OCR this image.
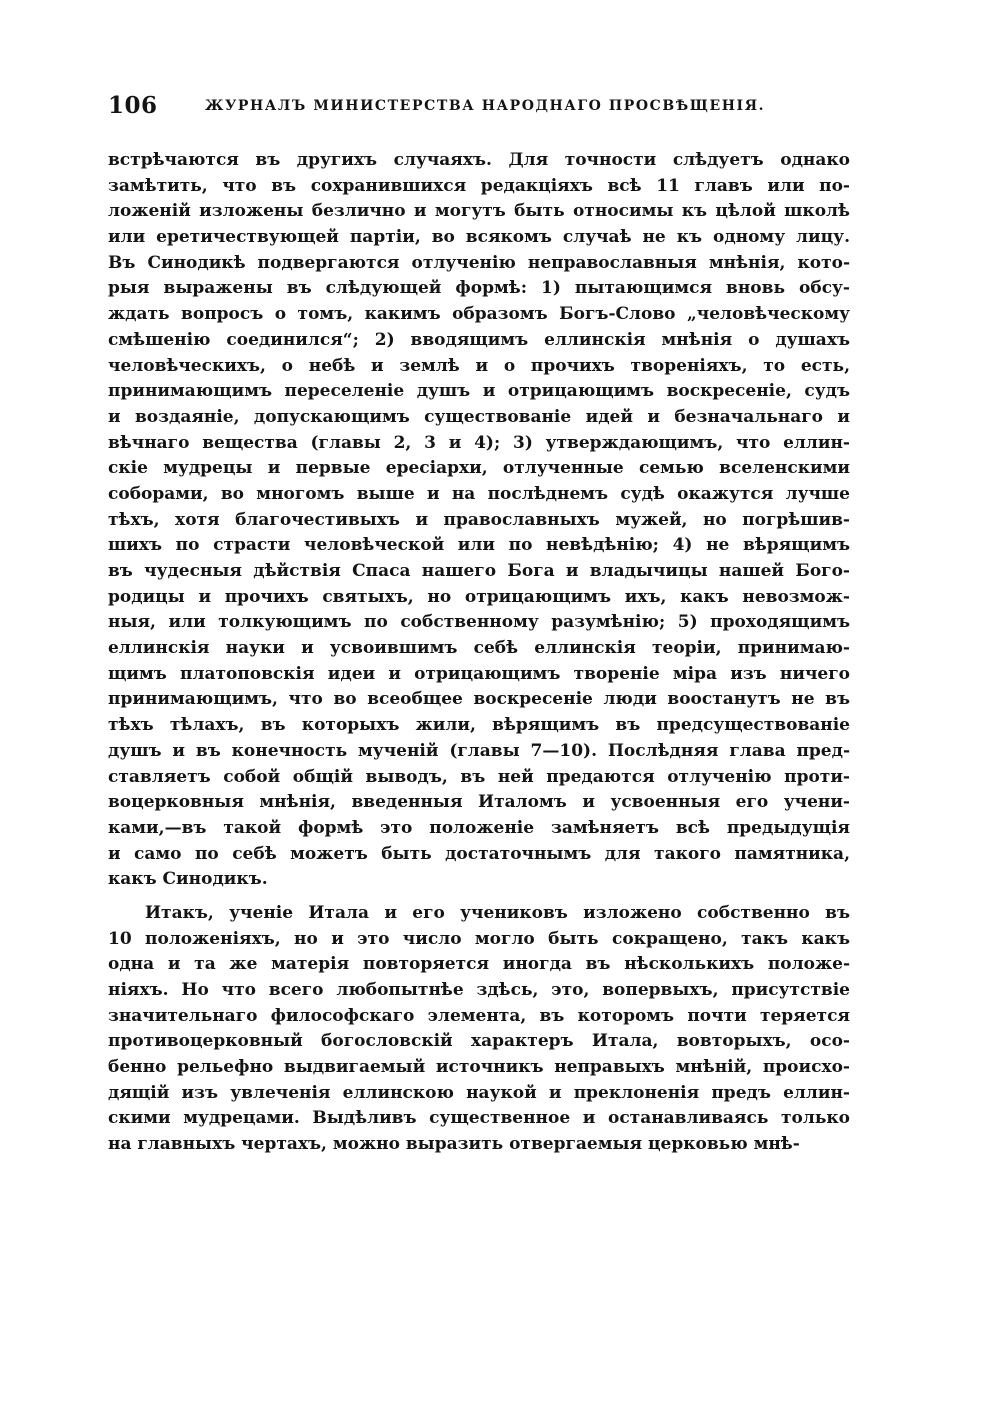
106	ЖУРНАЛЪ МИНИСТЕРСТВА НАРОДНАГО ПРОСВѢЩЕНІЯ.
встрѣчаются въ другихъ случаяхъ. Для точности слѣдуетъ однако
замѣтить, что въ сохранившихся редакціяхъ всѣ 11 главъ или по-
ложеній изложены безлично и могутъ быть относимы къ цѣлой школѣ
или еретичествующей партіи, во всякомъ случаѣ не къ одному лицу.
Въ Синодикѣ подвергаются отлученію неправославныя мнѣнія, кото-
рыя выражены въ слѣдующей формѣ: 1) пытающимся вновь обсу-
ждать вопросъ о томъ, какимъ образомъ Богъ-Слово „человѣческому
смѣшенію соединился“; 2) вводящимъ еллинскія мнѣнія о душахъ
человѣческихъ, о небѣ и землѣ и о прочихъ твореніяхъ, то есть,
принимающимъ переселеніе душъ и отрицающимъ воскресеніе, судъ
и воздаяніе, допускающимъ существованіе идей и безначальнаго и
вѣчнаго вещества (главы 2, 3 и 4); 3) утверждающимъ, что еллин-
скіе мудрецы и первые ересіархи, отлученные семью вселенскими
соборами, во многомъ выше и на послѣднемъ судѣ окажутся лучше
тѣхъ, хотя благочестивыхъ и православныхъ мужей, но погрѣшив-
шихъ по страсти человѣческой или по невѣдѣнію; 4) не вѣрящимъ
въ чудесныя дѣйствія Спаса нашего Бога и владычицы нашей Бого-
родицы и прочихъ святыхъ, но отрицающимъ ихъ, какъ невозмож-
ныя, или толкующимъ по собственному разумѣнію; 5) проходящимъ
еллинскія науки и усвоившимъ себѣ еллинскія теоріи, принимаю-
щимъ платоповскія идеи и отрицающимъ твореніе міра изъ ничего
принимающимъ, что во всеобщее воскресеніе люди воостанутъ не въ
тѣхъ тѣлахъ, въ которыхъ жили, вѣрящимъ въ предсуществованіе
душъ и въ конечность мученій (главы 7—10). Послѣдняя глава пред-
ставляетъ собой общій выводъ, въ ней предаются отлученію проти-
воцерковныя мнѣнія, введенныя Италомъ и усвоенныя его учени-
ками,—въ такой формѣ это положеніе замѣняетъ всѣ предыдущія
и само по себѣ можетъ быть достаточнымъ для такого памятника,
какъ Синодикъ.
Итакъ, ученіе Итала и его учениковъ изложено собственно въ
10 положеніяхъ, но и это число могло быть сокращено, такъ какъ
одна и та же матерія повторяется иногда въ нѣсколькихъ положе-
ніяхъ. Но что всего любопытнѣе здѣсь, это, вопервыхъ, присутствіе
значительнаго философскаго элемента, въ которомъ почти теряется
противоцерковный богословскій характеръ Итала, вовторыхъ, осо-
бенно рельефно выдвигаемый источникъ неправыхъ мнѣній, происхо-
дящій изъ увлеченія еллинскою наукой и преклоненія предъ еллин-
скими мудрецами. Выдѣливъ существенное и останавливаясь только
на главныхъ чертахъ, можно выразить отвергаемыя церковью мнѣ-
